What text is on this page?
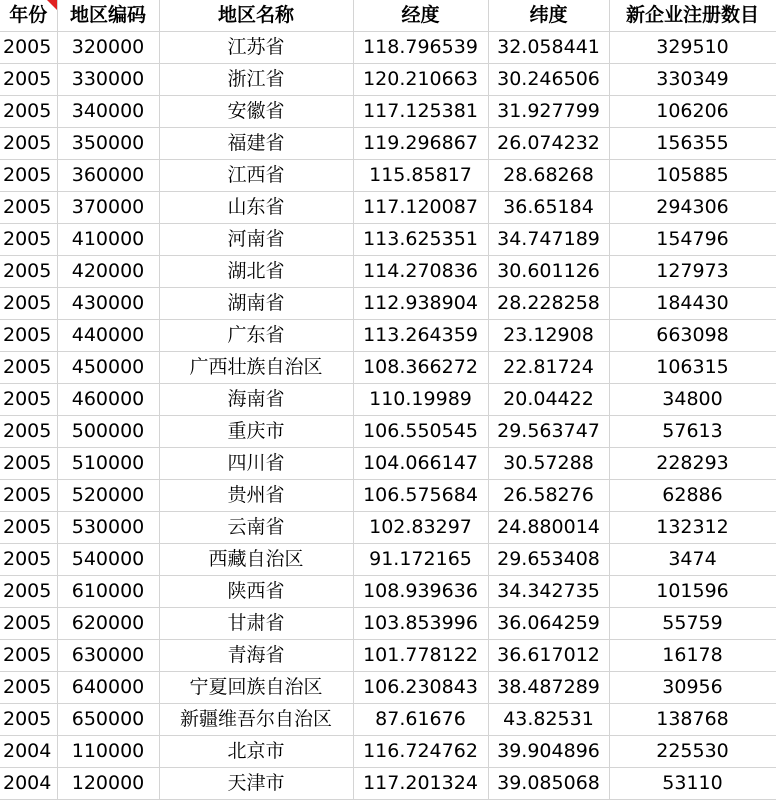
年份	地区编码	地区名称	经度	纬度	新企业注册数目
2005	320000	江苏省	118.796539	32.058441	329510
2005	330000	浙江省	120.210663	30.246506	330349
2005	340000	安徽省	117.125381	31.927799	106206
2005	350000	福建省	119.296867	26.074232	156355
2005	360000	江西省	115.85817	28.68268	105885
2005	370000	山东省	117.120087	36.65184	294306
2005	410000	河南省	113.625351	34.747189	154796
2005	420000	湖北省	114.270836	30.601126	127973
2005	430000	湖南省	112.938904	28.228258	184430
2005	440000	广东省	113.264359	23.12908	663098
2005	450000	广西壮族自治区	108.366272	22.81724	106315
2005	460000	海南省	110.19989	20.04422	34800
2005	500000	重庆市	106.550545	29.563747	57613
2005	510000	四川省	104.066147	30.57288	228293
2005	520000	贵州省	106.575684	26.58276	62886
2005	530000	云南省	102.83297	24.880014	132312
2005	540000	西藏自治区	91.172165	29.653408	3474
2005	610000	陕西省	108.939636	34.342735	101596
2005	620000	甘肃省	103.853996	36.064259	55759
2005	630000	青海省	101.778122	36.617012	16178
2005	640000	宁夏回族自治区	106.230843	38.487289	30956
2005	650000	新疆维吾尔自治区	87.61676	43.82531	138768
2004	110000	北京市	116.724762	39.904896	225530
2004	120000	天津市	117.201324	39.085068	53110
